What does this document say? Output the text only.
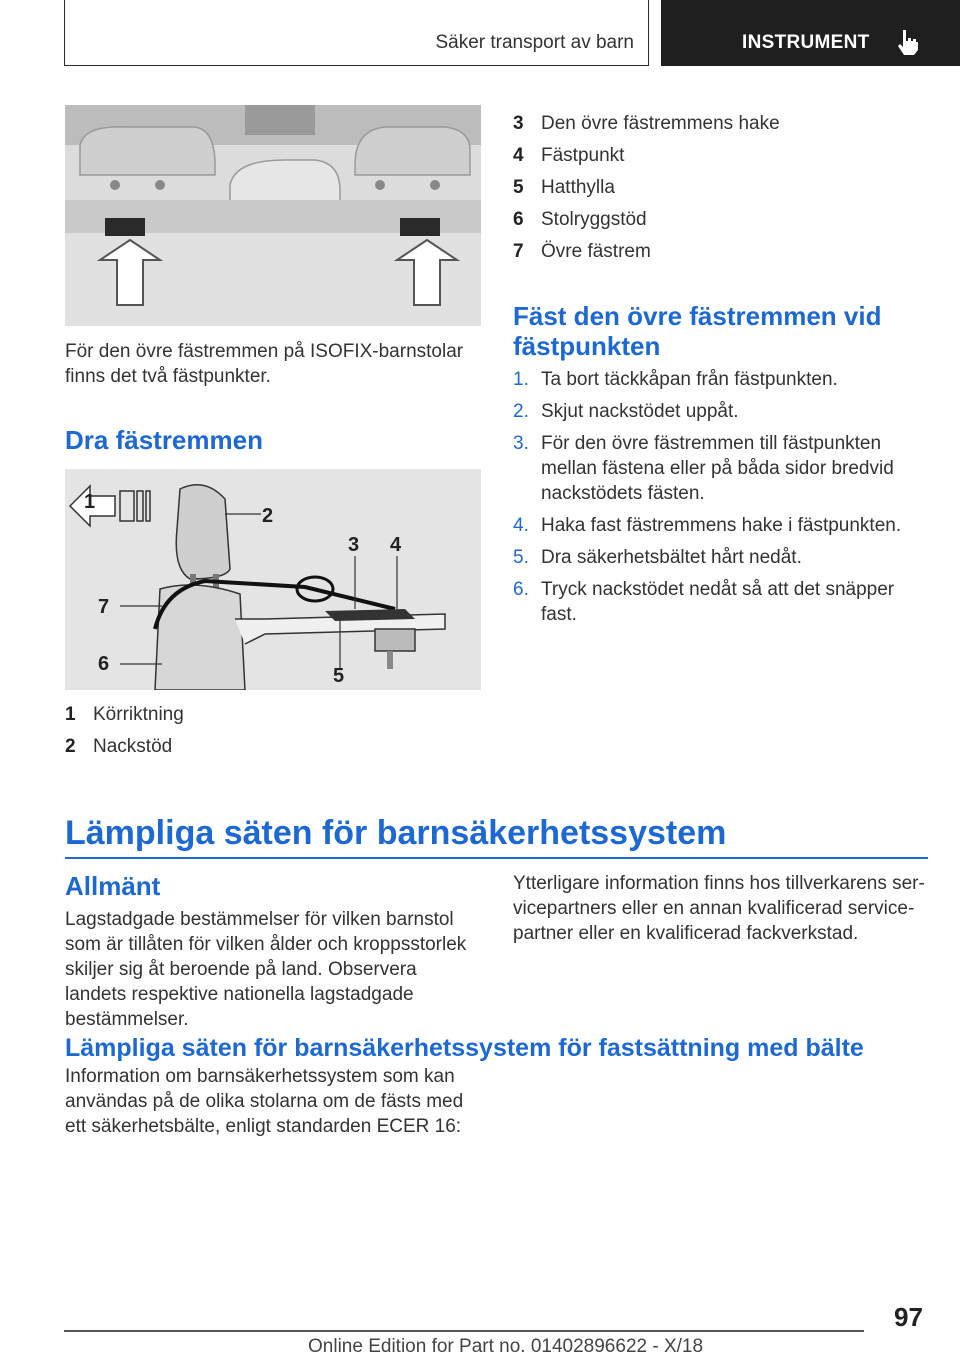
Säker transport av barn	INSTRUMENT
För den övre fästremmen på ISOFIX-barnstolar finns det två fästpunkter.
Dra fästremmen
1
2
3 4
5
6
7
1 Körriktning
2 Nackstöd
3 Den övre fästremmens hake
4 Fästpunkt
5 Hatthylla
6 Stolryggstöd
7 Övre fästrem
Fäst den övre fästremmen vid fästpunkten
1. Ta bort täckkåpan från fästpunkten.
2. Skjut nackstödet uppåt.
3. För den övre fästremmen till fästpunkten mellan fästena eller på båda sidor bredvid nackstödets fästen.
4. Haka fast fästremmens hake i fästpunkten.
5. Dra säkerhetsbältet hårt nedåt.
6. Tryck nackstödet nedåt så att det snäpper fast.
Lämpliga säten för barnsäkerhetssystem
Allmänt
Lagstadgade bestämmelser för vilken barnstol som är tillåten för vilken ålder och kroppsstorlek skiljer sig åt beroende på land. Observera landets respektive nationella lagstadgade bestämmelser.
Ytterligare information finns hos tillverkarens servicepartners eller en annan kvalificerad servicepartner eller en kvalificerad fackverkstad.
Lämpliga säten för barnsäkerhetssystem för fastsättning med bälte
Information om barnsäkerhetssystem som kan användas på de olika stolarna om de fästs med ett säkerhetsbälte, enligt standarden ECER 16:
97
Online Edition for Part no. 01402896622 - X/18
